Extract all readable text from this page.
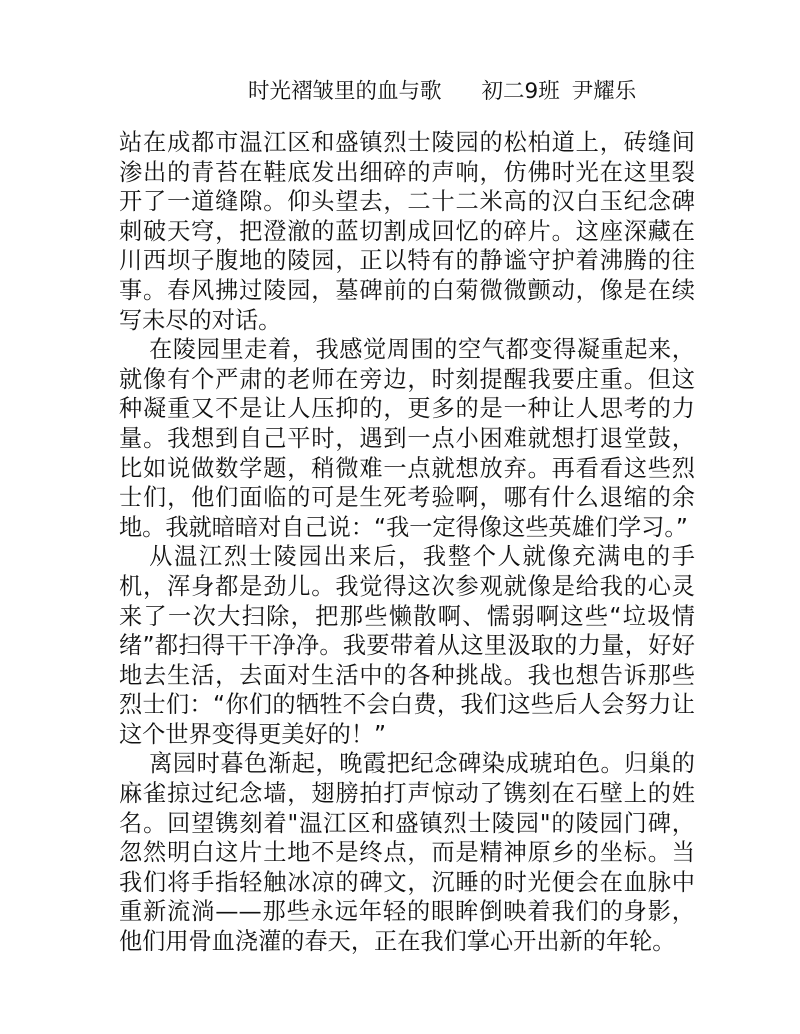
时光褶皱里的血与歌 初二9班 尹耀乐

站在成都市温江区和盛镇烈士陵园的松柏道上，砖缝间渗出的青苔在鞋底发出细碎的声响，仿佛时光在这里裂开了一道缝隙。仰头望去，二十二米高的汉白玉纪念碑刺破天穹，把澄澈的蓝切割成回忆的碎片。这座深藏在川西坝子腹地的陵园，正以特有的静谧守护着沸腾的往事。春风拂过陵园，墓碑前的白菊微微颤动，像是在续写未尽的对话。

在陵园里走着，我感觉周围的空气都变得凝重起来，就像有个严肃的老师在旁边，时刻提醒我要庄重。但这种凝重又不是让人压抑的，更多的是一种让人思考的力量。我想到自己平时，遇到一点小困难就想打退堂鼓，比如说做数学题，稍微难一点就想放弃。再看看这些烈士们，他们面临的可是生死考验啊，哪有什么退缩的余地。我就暗暗对自己说：“我一定得像这些英雄们学习。”

从温江烈士陵园出来后，我整个人就像充满电的手机，浑身都是劲儿。我觉得这次参观就像是给我的心灵来了一次大扫除，把那些懒散啊、懦弱啊这些“垃圾情绪”都扫得干干净净。我要带着从这里汲取的力量，好好地去生活，去面对生活中的各种挑战。我也想告诉那些烈士们：“你们的牺牲不会白费，我们这些后人会努力让这个世界变得更美好的！”

离园时暮色渐起，晚霞把纪念碑染成琥珀色。归巢的麻雀掠过纪念墙，翅膀拍打声惊动了镌刻在石壁上的姓名。回望镌刻着"温江区和盛镇烈士陵园"的陵园门碑，忽然明白这片土地不是终点，而是精神原乡的坐标。当我们将手指轻触冰凉的碑文，沉睡的时光便会在血脉中重新流淌——那些永远年轻的眼眸倒映着我们的身影，他们用骨血浇灌的春天，正在我们掌心开出新的年轮。
